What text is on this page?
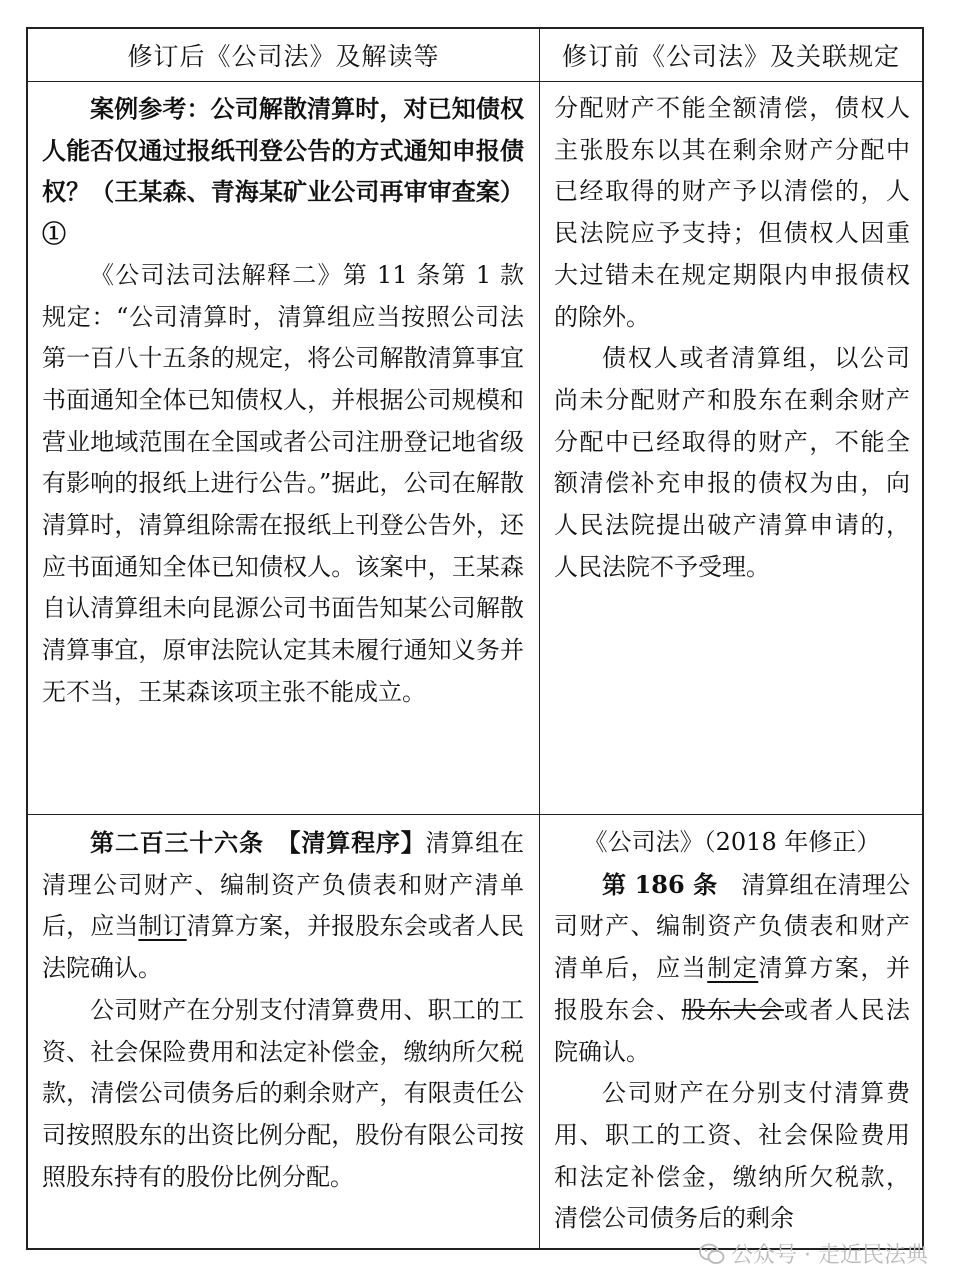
修订后《公司法》及解读等	修订前《公司法》及关联规定

案例参考：公司解散清算时，对已知债权人能否仅通过报纸刊登公告的方式通知申报债权？（王某森、青海某矿业公司再审审查案）①

《公司法司法解释二》第 11 条第 1 款规定：“公司清算时，清算组应当按照公司法第一百八十五条的规定，将公司解散清算事宜书面通知全体已知债权人，并根据公司规模和营业地域范围在全国或者公司注册登记地省级有影响的报纸上进行公告。”据此，公司在解散清算时，清算组除需在报纸上刊登公告外，还应书面通知全体已知债权人。该案中，王某森自认清算组未向昆源公司书面告知某公司解散清算事宜，原审法院认定其未履行通知义务并无不当，王某森该项主张不能成立。

分配财产不能全额清偿，债权人主张股东以其在剩余财产分配中已经取得的财产予以清偿的，人民法院应予支持；但债权人因重大过错未在规定期限内申报债权的除外。

债权人或者清算组，以公司尚未分配财产和股东在剩余财产分配中已经取得的财产，不能全额清偿补充申报的债权为由，向人民法院提出破产清算申请的，人民法院不予受理。

第二百三十六条　 【清算程序】清算组在清理公司财产、编制资产负债表和财产清单后，应当制订清算方案，并报股东会或者人民法院确认。

公司财产在分别支付清算费用、职工的工资、社会保险费用和法定补偿金，缴纳所欠税款，清偿公司债务后的剩余财产，有限责任公司按照股东的出资比例分配，股份有限公司按照股东持有的股份比例分配。

《公司法》（2018 年修正）

第 186 条　 清算组在清理公司财产、编制资产负债表和财产清单后，应当制定清算方案，并报股东会、股东大会或者人民法院确认。

公司财产在分别支付清算费用、职工的工资、社会保险费用和法定补偿金，缴纳所欠税款，清偿公司债务后的剩余

公众号 · 走近民法典
